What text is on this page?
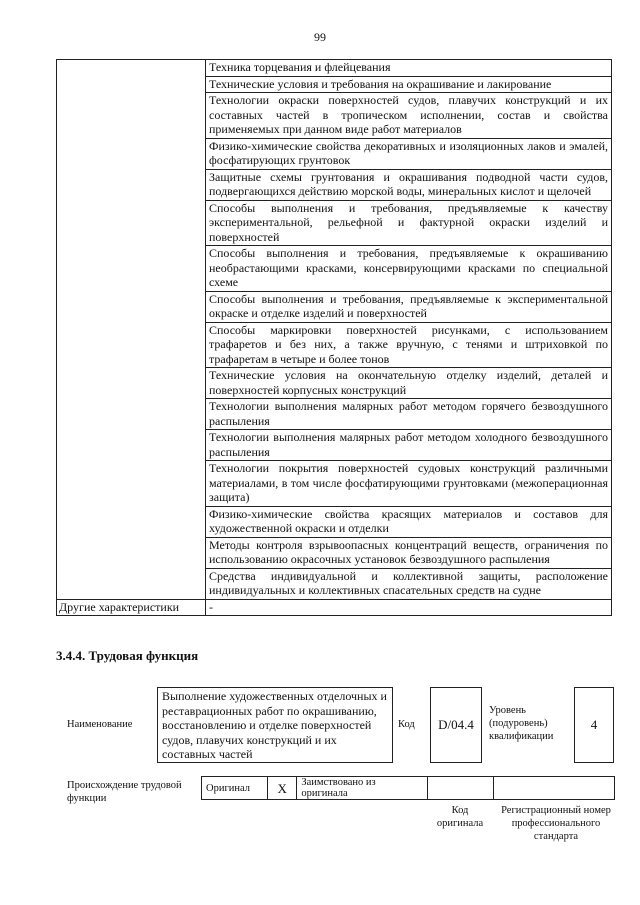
99
	Техника торцевания и флейцевания
	Технические условия и требования на окрашивание и лакирование
	Технологии окраски поверхностей судов, плавучих конструкций и их составных частей в тропическом исполнении, состав и свойства применяемых при данном виде работ материалов
	Физико-химические свойства декоративных и изоляционных лаков и эмалей, фосфатирующих грунтовок
	Защитные схемы грунтования и окрашивания подводной части судов, подвергающихся действию морской воды, минеральных кислот и щелочей
	Способы выполнения и требования, предъявляемые к качеству экспериментальной, рельефной и фактурной окраски изделий и поверхностей
	Способы выполнения и требования, предъявляемые к окрашиванию необрастающими красками, консервирующими красками по специальной схеме
	Способы выполнения и требования, предъявляемые к экспериментальной окраске и отделке изделий и поверхностей
	Способы маркировки поверхностей рисунками, с использованием трафаретов и без них, а также вручную, с тенями и штриховкой по трафаретам в четыре и более тонов
	Технические условия на окончательную отделку изделий, деталей и поверхностей корпусных конструкций
	Технологии выполнения малярных работ методом горячего безвоздушного распыления
	Технологии выполнения малярных работ методом холодного безвоздушного распыления
	Технологии покрытия поверхностей судовых конструкций различными материалами, в том числе фосфатирующими грунтовками (межоперационная защита)
	Физико-химические свойства красящих материалов и составов для художественной окраски и отделки
	Методы контроля взрывоопасных концентраций веществ, ограничения по использованию окрасочных установок безвоздушного распыления
	Средства индивидуальной и коллективной защиты, расположение индивидуальных и коллективных спасательных средств на судне
Другие характеристики	-
3.4.4. Трудовая функция
Наименование
Выполнение художественных отделочных и реставрационных работ по окрашиванию, восстановлению и отделке поверхностей судов, плавучих конструкций и их составных частей
Код	D/04.4
Уровень (подуровень) квалификации
4
Происхождение трудовой функции
Оригинал	X	Заимствовано из оригинала		
Код оригинала
Регистрационный номер профессионального стандарта
